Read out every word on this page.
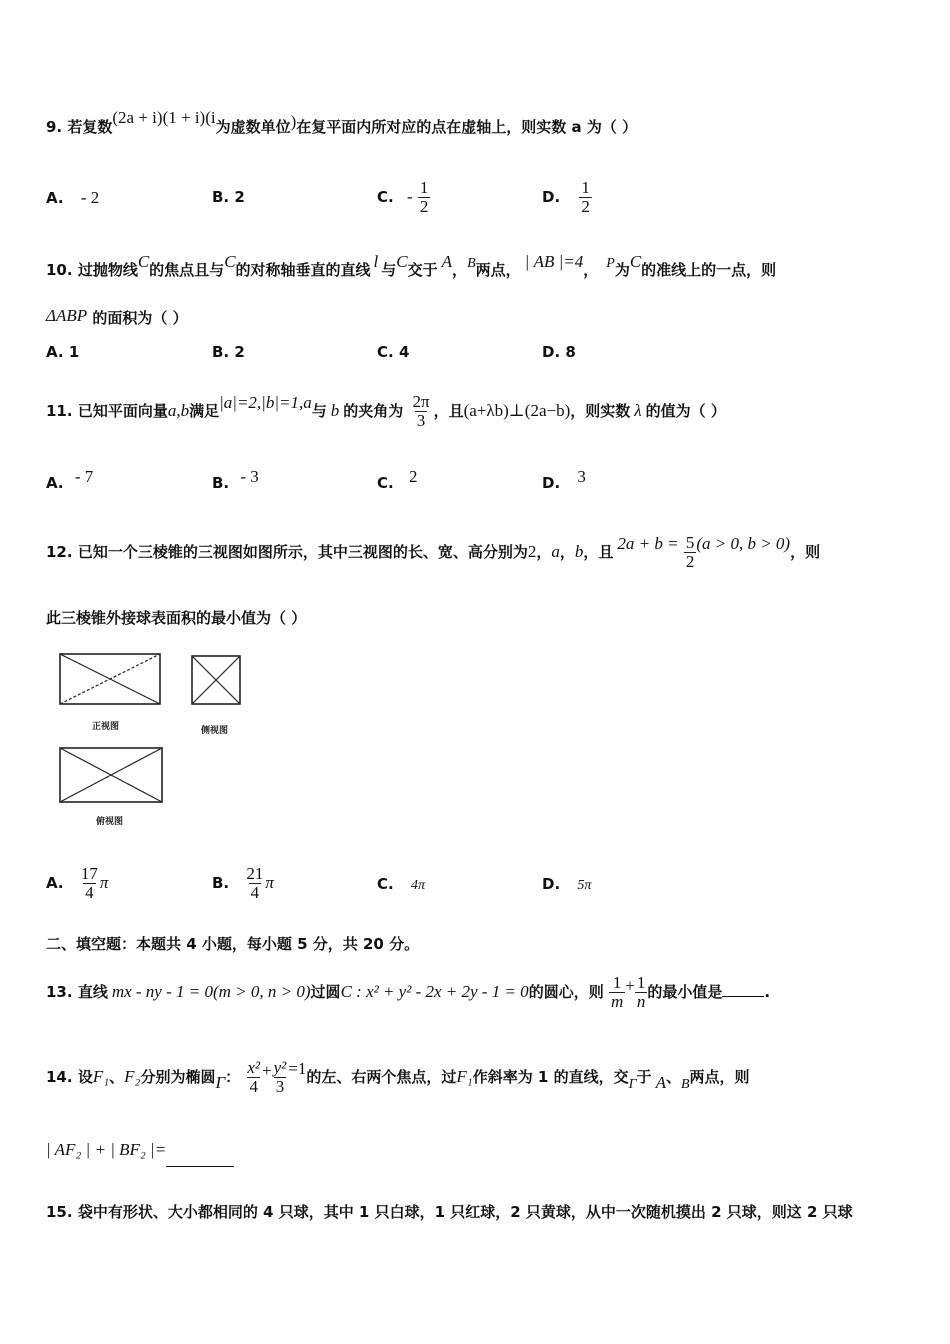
9. 若复数(2a + i)(1 + i)(i为虚数单位)在复平面内所对应的点在虚轴上，则实数 a 为（ ）
A. - 2	B. 2	C. - $\frac{1}{2}$	D. $\frac{1}{2}$
10. 过抛物线C的焦点且与C的对称轴垂直的直线 l 与C交于 A，B两点， | AB |=4， P为C的准线上的一点，则
ΔABP 的面积为（ ）
A. 1	B. 2	C. 4	D. 8
11. 已知平面向量a,b满足|a|=2,|b|=1,a与 b 的夹角为 $\frac{2\pi}{3}$ ，且(a+λb)⊥(2a−b)，则实数 λ 的值为（ ）
A. - 7	B. - 3	C. 2	D. 3
12. 已知一个三棱锥的三视图如图所示，其中三视图的长、宽、高分别为2，a，b，且 $2a + b = \frac{5}{2} (a > 0$, b > 0)，则
此三棱锥外接球表面积的最小值为（ ）
正视图	侧视图
俯视图
A. $\frac{17}{4}$ π	B. $\frac{21}{4}$ π	C. 4π	D. 5π
二、填空题：本题共 4 小题，每小题 5 分，共 20 分。
13. 直线 mx - ny - 1 = 0(m > 0, n > 0)过圆C : x² + y² - 2x + 2y - 1 = 0的圆心，则 $\frac{1}{m} + \frac{1}{n}$ 的最小值是	.
14. 设F₁、F₂分别为椭圆Γ： $\frac{\text{x²}}{4} + \frac{\text{y²}}{3} =1$的左、右两个焦点，过F₁作斜率为 1 的直线，交Γ于 A、B两点，则
| AF₂ | + | BF₂ |=
15. 袋中有形状、大小都相同的 4 只球，其中 1 只白球，1 只红球，2 只黄球，从中一次随机摸出 2 只球，则这 2 只球
